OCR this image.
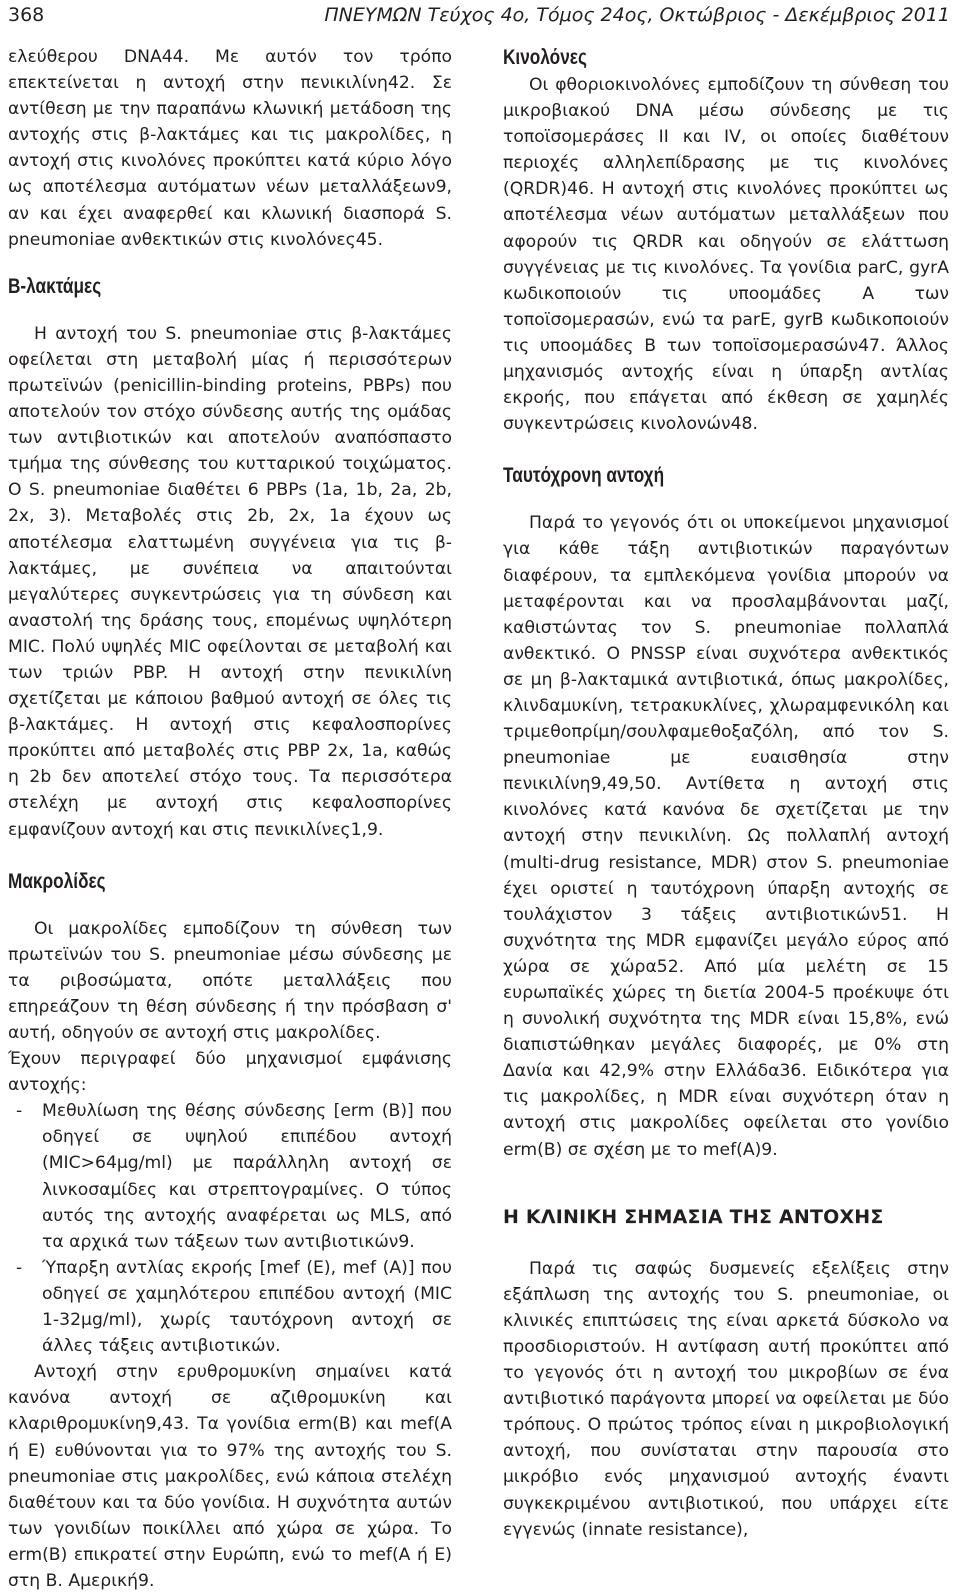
368	ΠΝΕΥΜΩΝ Τεύχος 4ο, Τόμος 24ος, Οκτώβριος - Δεκέμβριος 2011

ελεύθερου DNA44. Με αυτόν τον τρόπο επεκτείνεται η αντοχή στην πενικιλίνη42. Σε αντίθεση με την παραπάνω κλωνική μετάδοση της αντοχής στις β-λακτάμες και τις μακρολίδες, η αντοχή στις κινολόνες προκύπτει κατά κύριο λόγο ως αποτέλεσμα αυτόματων νέων μεταλλάξεων9, αν και έχει αναφερθεί και κλωνική διασπορά S. pneumoniae ανθεκτικών στις κινολόνες45.

Β-λακτάμες

Η αντοχή του S. pneumoniae στις β-λακτάμες οφείλεται στη μεταβολή μίας ή περισσότερων πρωτεϊνών (penicillin-binding proteins, PBPs) που αποτελούν τον στόχο σύνδεσης αυτής της ομάδας των αντιβιοτικών και αποτελούν αναπόσπαστο τμήμα της σύνθεσης του κυτταρικού τοιχώματος. Ο S. pneumoniae διαθέτει 6 PBPs (1a, 1b, 2a, 2b, 2x, 3). Μεταβολές στις 2b, 2x, 1a έχουν ως αποτέλεσμα ελαττωμένη συγγένεια για τις β-λακτάμες, με συνέπεια να απαιτούνται μεγαλύτερες συγκεντρώσεις για τη σύνδεση και αναστολή της δράσης τους, επομένως υψηλότερη MIC. Πολύ υψηλές MIC οφείλονται σε μεταβολή και των τριών PBP. Η αντοχή στην πενικιλίνη σχετίζεται με κάποιου βαθμού αντοχή σε όλες τις β-λακτάμες. Η αντοχή στις κεφαλοσπορίνες προκύπτει από μεταβολές στις PBP 2x, 1a, καθώς η 2b δεν αποτελεί στόχο τους. Τα περισσότερα στελέχη με αντοχή στις κεφαλοσπορίνες εμφανίζουν αντοχή και στις πενικιλίνες1,9.

Μακρολίδες

Οι μακρολίδες εμποδίζουν τη σύνθεση των πρωτεϊνών του S. pneumoniae μέσω σύνδεσης με τα ριβοσώματα, οπότε μεταλλάξεις που επηρεάζουν τη θέση σύνδεσης ή την πρόσβαση σ' αυτή, οδηγούν σε αντοχή στις μακρολίδες.

Έχουν περιγραφεί δύο μηχανισμοί εμφάνισης αντοχής:

- Μεθυλίωση της θέσης σύνδεσης [erm (B)] που οδηγεί σε υψηλού επιπέδου αντοχή (MIC>64μg/ml) με παράλληλη αντοχή σε λινκοσαμίδες και στρεπτογραμίνες. Ο τύπος αυτός της αντοχής αναφέρεται ως MLS, από τα αρχικά των τάξεων των αντιβιοτικών9.
- Ύπαρξη αντλίας εκροής [mef (E), mef (A)] που οδηγεί σε χαμηλότερου επιπέδου αντοχή (MIC 1-32μg/ml), χωρίς ταυτόχρονη αντοχή σε άλλες τάξεις αντιβιοτικών.

Αντοχή στην ερυθρομυκίνη σημαίνει κατά κανόνα αντοχή σε αζιθρομυκίνη και κλαριθρομυκίνη9,43. Τα γονίδια erm(B) και mef(A ή E) ευθύνονται για το 97% της αντοχής του S. pneumoniae στις μακρολίδες, ενώ κάποια στελέχη διαθέτουν και τα δύο γονίδια. Η συχνότητα αυτών των γονιδίων ποικίλλει από χώρα σε χώρα. Το erm(B) επικρατεί στην Ευρώπη, ενώ το mef(A ή E) στη Β. Αμερική9.

Κινολόνες

Οι φθοριοκινολόνες εμποδίζουν τη σύνθεση του μικροβιακού DNA μέσω σύνδεσης με τις τοποϊσομεράσες II και IV, οι οποίες διαθέτουν περιοχές αλληλεπίδρασης με τις κινολόνες (QRDR)46. Η αντοχή στις κινολόνες προκύπτει ως αποτέλεσμα νέων αυτόματων μεταλλάξεων που αφορούν τις QRDR και οδηγούν σε ελάττωση συγγένειας με τις κινολόνες. Τα γονίδια parC, gyrA κωδικοποιούν τις υποομάδες Α των τοποϊσομερασών, ενώ τα parE, gyrB κωδικοποιούν τις υποομάδες Β των τοποϊσομερασών47. Άλλος μηχανισμός αντοχής είναι η ύπαρξη αντλίας εκροής, που επάγεται από έκθεση σε χαμηλές συγκεντρώσεις κινολονών48.

Ταυτόχρονη αντοχή

Παρά το γεγονός ότι οι υποκείμενοι μηχανισμοί για κάθε τάξη αντιβιοτικών παραγόντων διαφέρουν, τα εμπλεκόμενα γονίδια μπορούν να μεταφέρονται και να προσλαμβάνονται μαζί, καθιστώντας τον S. pneumoniae πολλαπλά ανθεκτικό. Ο PNSSP είναι συχνότερα ανθεκτικός σε μη β-λακταμικά αντιβιοτικά, όπως μακρολίδες, κλινδαμυκίνη, τετρακυκλίνες, χλωραμφενικόλη και τριμεθοπρίμη/σουλφαμεθοξαζόλη, από τον S. pneumoniae με ευαισθησία στην πενικιλίνη9,49,50. Αντίθετα η αντοχή στις κινολόνες κατά κανόνα δε σχετίζεται με την αντοχή στην πενικιλίνη. Ως πολλαπλή αντοχή (multi-drug resistance, MDR) στον S. pneumoniae έχει οριστεί η ταυτόχρονη ύπαρξη αντοχής σε τουλάχιστον 3 τάξεις αντιβιοτικών51. Η συχνότητα της MDR εμφανίζει μεγάλο εύρος από χώρα σε χώρα52. Από μία μελέτη σε 15 ευρωπαϊκές χώρες τη διετία 2004-5 προέκυψε ότι η συνολική συχνότητα της MDR είναι 15,8%, ενώ διαπιστώθηκαν μεγάλες διαφορές, με 0% στη Δανία και 42,9% στην Ελλάδα36. Ειδικότερα για τις μακρολίδες, η MDR είναι συχνότερη όταν η αντοχή στις μακρολίδες οφείλεται στο γονίδιο erm(B) σε σχέση με το mef(A)9.

Η ΚΛΙΝΙΚΗ ΣΗΜΑΣΙΑ ΤΗΣ ΑΝΤΟΧΗΣ

Παρά τις σαφώς δυσμενείς εξελίξεις στην εξάπλωση της αντοχής του S. pneumoniae, οι κλινικές επιπτώσεις της είναι αρκετά δύσκολο να προσδιοριστούν. Η αντίφαση αυτή προκύπτει από το γεγονός ότι η αντοχή του μικροβίων σε ένα αντιβιοτικό παράγοντα μπορεί να οφείλεται με δύο τρόπους. Ο πρώτος τρόπος είναι η μικροβιολογική αντοχή, που συνίσταται στην παρουσία στο μικρόβιο ενός μηχανισμού αντοχής έναντι συγκεκριμένου αντιβιοτικού, που υπάρχει είτε εγγενώς (innate resistance),
